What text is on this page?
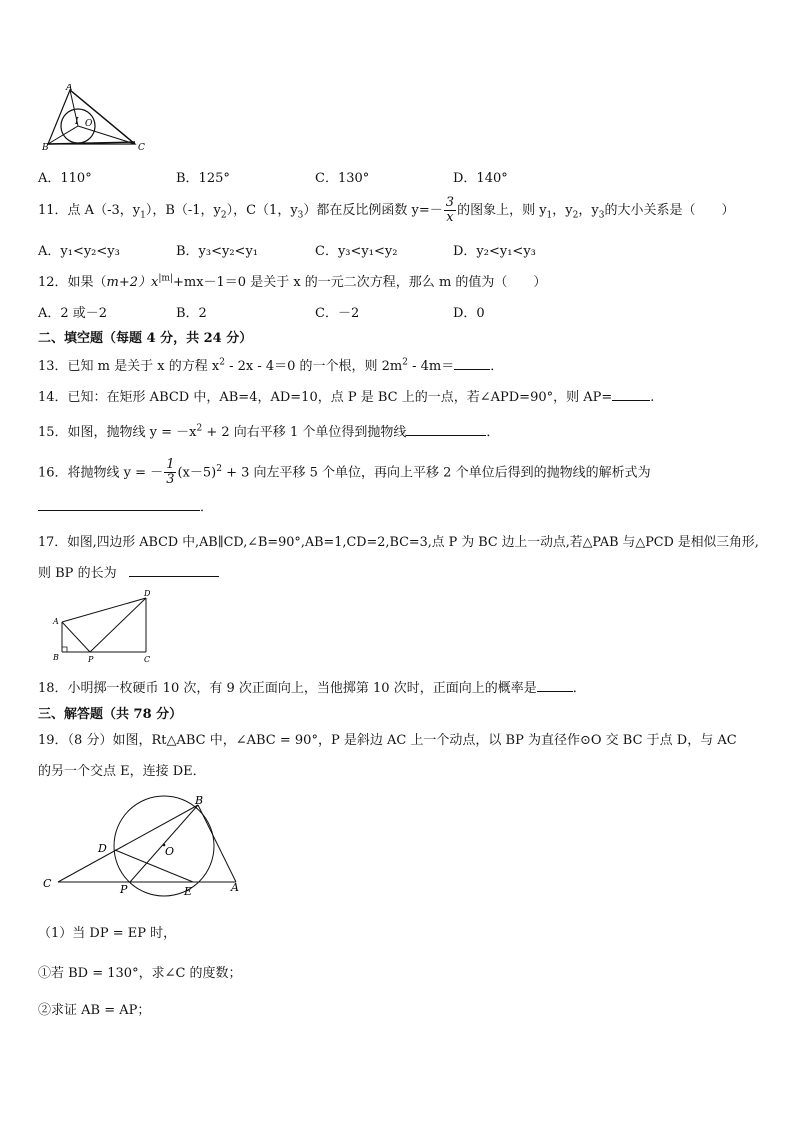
A
B	C
I O
A．110°	B．125°	C．130°	D．140°
11．点 A（-3，$y_1$），B（-1，$y_2$），C（1，$y_3$）都在反比例函数 $y=- \frac{3}{x}$ 的图象上，则 $y_1$，$y_2$，$y_3$的大小关系是（　　）
A．y₁<y₂<y₃	B．y₃<y₂<y₁	C．y₃<y₁<y₂	D．y₂<y₁<y₃
12．如果$(m+2)x^{|m|}+mx-1=0$ 是关于 x 的一元二次方程，那么 m 的值为（　　）
A．2 或－2	B．2	C．－2	D．0
二、填空题（每题 4 分，共 24 分）
13．已知 m 是关于 x 的方程 $x^2 - 2x - 4=0$ 的一个根，则 $2m^2 - 4m=$	．
14．已知：在矩形 ABCD 中，AB=4，AD=10，点 P 是 BC 上的一点，若∠APD=90°，则 AP=	.
15．如图，抛物线 $y = -x^2 + 2$ 向右平移 1 个单位得到抛物线	．
16．将抛物线 y = － $\frac{1}{3} (x-5)^2 + 3$ 向左平移 5 个单位，再向上平移 2 个单位后得到的抛物线的解析式为
．
17．如图,四边形 ABCD 中,AB∥CD,∠B=90°,AB=1,CD=2,BC=3,点 P 为 BC 边上一动点,若△PAB 与△PCD 是相似三角形,
则 BP 的长为
A
B	P	C
D
18．小明掷一枚硬币 10 次，有 9 次正面向上，当他掷第 10 次时，正面向上的概率是	．
三、解答题（共 78 分）
19．（8 分）如图，Rt△ABC 中，∠ABC = 90°，P 是斜边 AC 上一个动点，以 BP 为直径作⊙O 交 BC 于点 D，与 AC
的另一个交点 E，连接 DE．
B
D	O
C	P	E	A
（1）当 DP = EP 时，
①若 BD = 130°，求∠C 的度数；
②求证 AB = AP；
